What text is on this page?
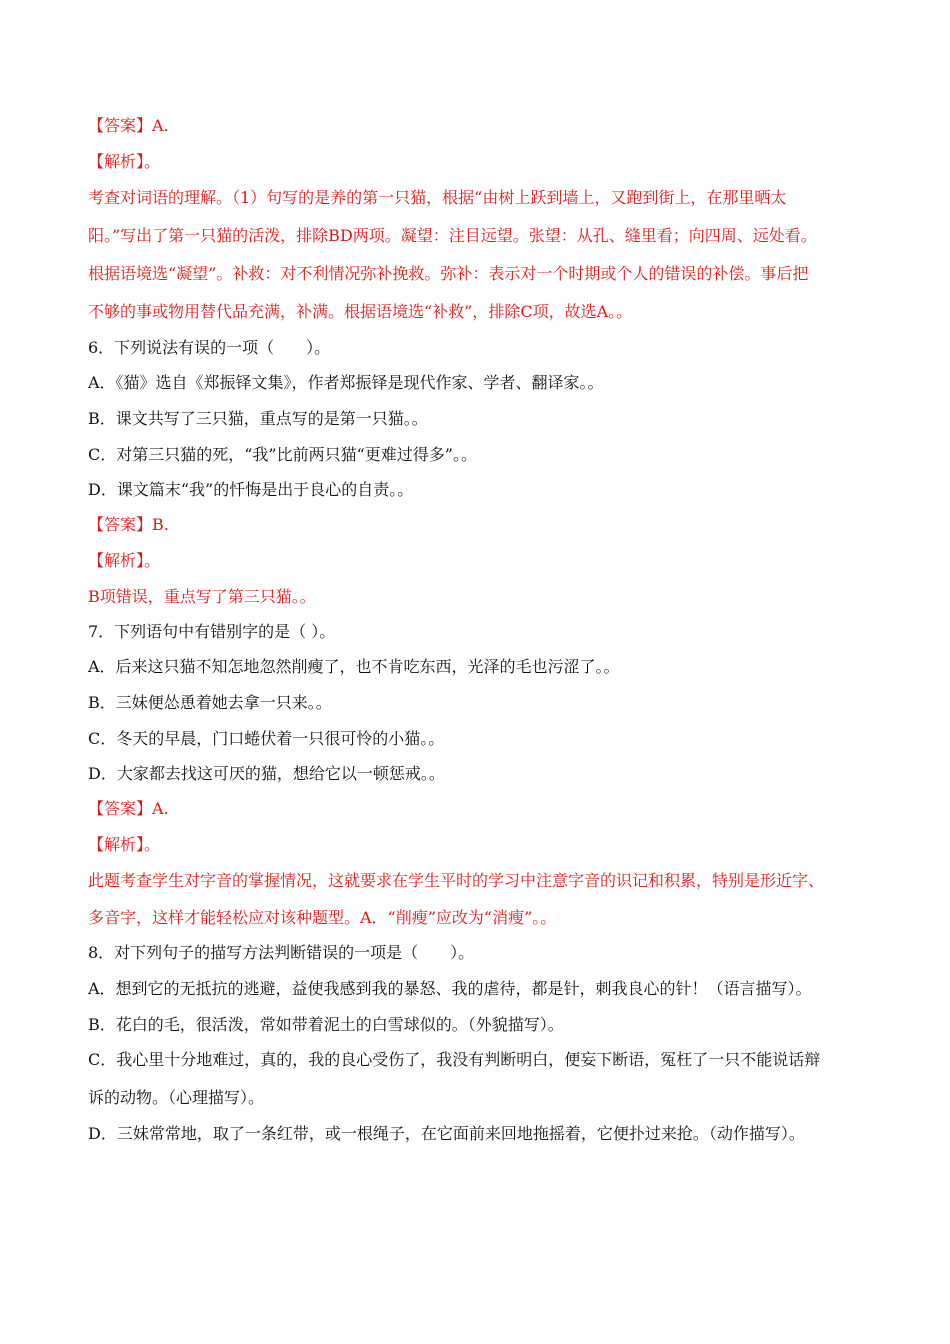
【答案】A.
【解析】。
考查对词语的理解。（1）句写的是养的第一只猫，根据“由树上跃到墙上，又跑到街上，在那里晒太
阳。”写出了第一只猫的活泼，排除BD两项。凝望：注目远望。张望：从孔、缝里看；向四周、远处看。
根据语境选“凝望”。补救：对不利情况弥补挽救。弥补：表示对一个时期或个人的错误的补偿。事后把
不够的事或物用替代品充满，补满。根据语境选“补救”，排除C项，故选A。。
6．下列说法有误的一项（　　）。
A．《猫》选自《郑振铎文集》，作者郑振铎是现代作家、学者、翻译家。。
B．课文共写了三只猫，重点写的是第一只猫。。
C．对第三只猫的死，“我”比前两只猫“更难过得多”。。
D．课文篇末“我”的忏悔是出于良心的自责。。
【答案】B.
【解析】。
B项错误，重点写了第三只猫。。
7．下列语句中有错别字的是（ ）。
A．后来这只猫不知怎地忽然削瘦了，也不肯吃东西，光泽的毛也污涩了。。
B．三妹便怂恿着她去拿一只来。。
C．冬天的早晨，门口蜷伏着一只很可怜的小猫。。
D．大家都去找这可厌的猫，想给它以一顿惩戒。。
【答案】A.
【解析】。
此题考查学生对字音的掌握情况，这就要求在学生平时的学习中注意字音的识记和积累，特别是形近字、
多音字，这样才能轻松应对该种题型。A．“削瘦”应改为“消瘦”。。
8．对下列句子的描写方法判断错误的一项是（　　）。
A．想到它的无抵抗的逃避，益使我感到我的暴怒、我的虐待，都是针，刺我良心的针！（语言描写）。
B．花白的毛，很活泼，常如带着泥土的白雪球似的。（外貌描写）。
C．我心里十分地难过，真的，我的良心受伤了，我没有判断明白，便妄下断语，冤枉了一只不能说话辩
诉的动物。（心理描写）。
D．三妹常常地，取了一条红带，或一根绳子，在它面前来回地拖摇着，它便扑过来抢。（动作描写）。
